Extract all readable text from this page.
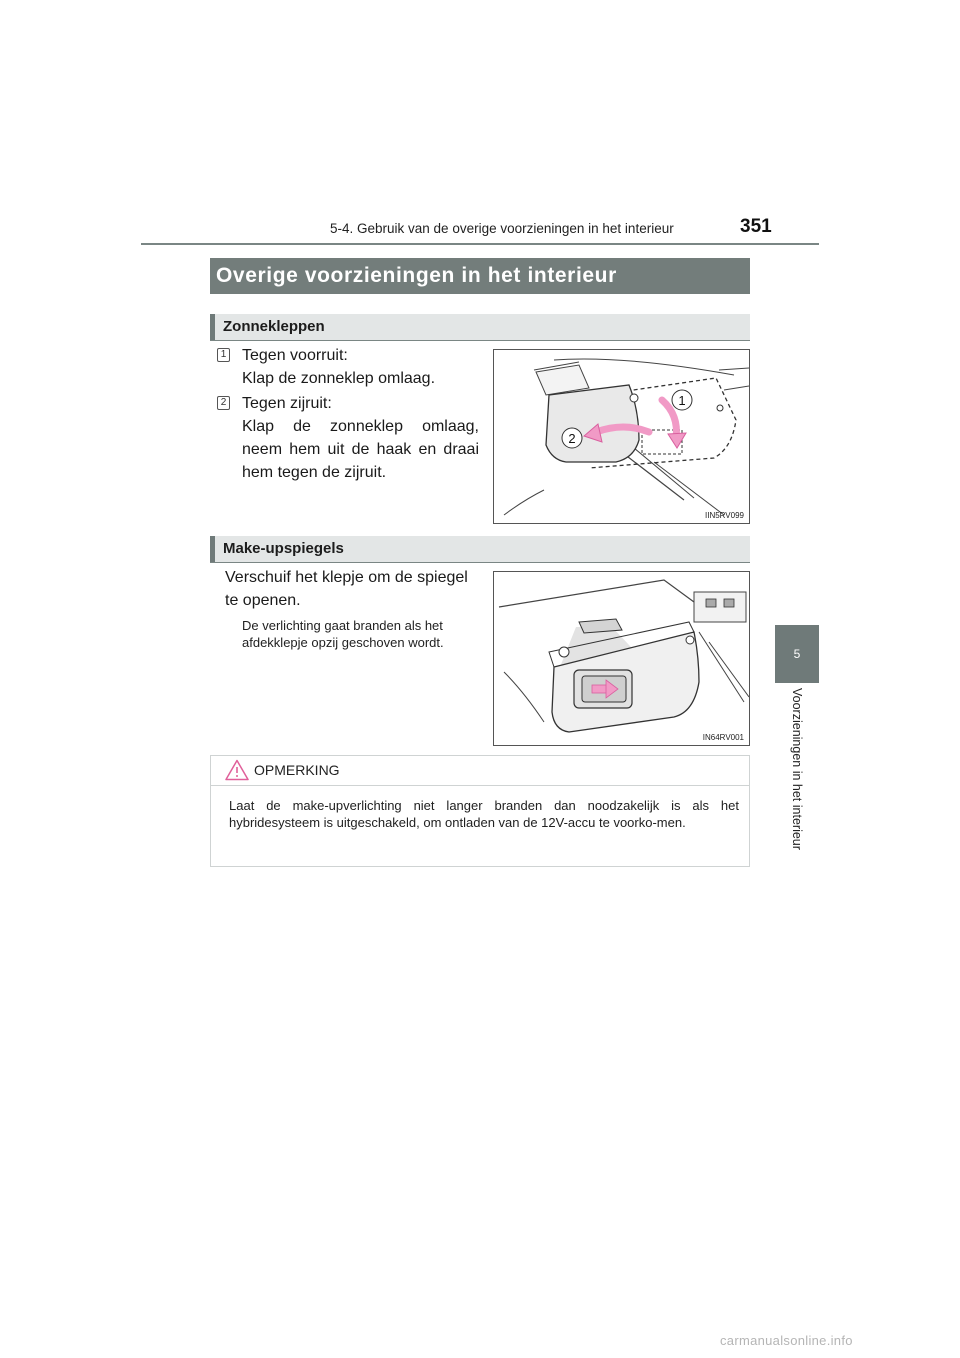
5-4. Gebruik van de overige voorzieningen in het interieur	351
5
Voorzieningen in het interieur
Overige voorzieningen in het interieur
Zonnekleppen
1 Tegen voorruit:
Klap de zonneklep omlaag.
2 Tegen zijruit:
Klap de zonneklep omlaag, neem hem uit de haak en draai hem tegen de zijruit.
1
2
IIN5RV099
Make-upspiegels
Verschuif het klepje om de spiegel te openen.
De verlichting gaat branden als het afdekklepje opzij geschoven wordt.
IN64RV001
OPMERKING
Laat de make-upverlichting niet langer branden dan noodzakelijk is als het hybridesysteem is uitgeschakeld, om ontladen van de 12V-accu te voorko-men.
carmanualsonline.info
